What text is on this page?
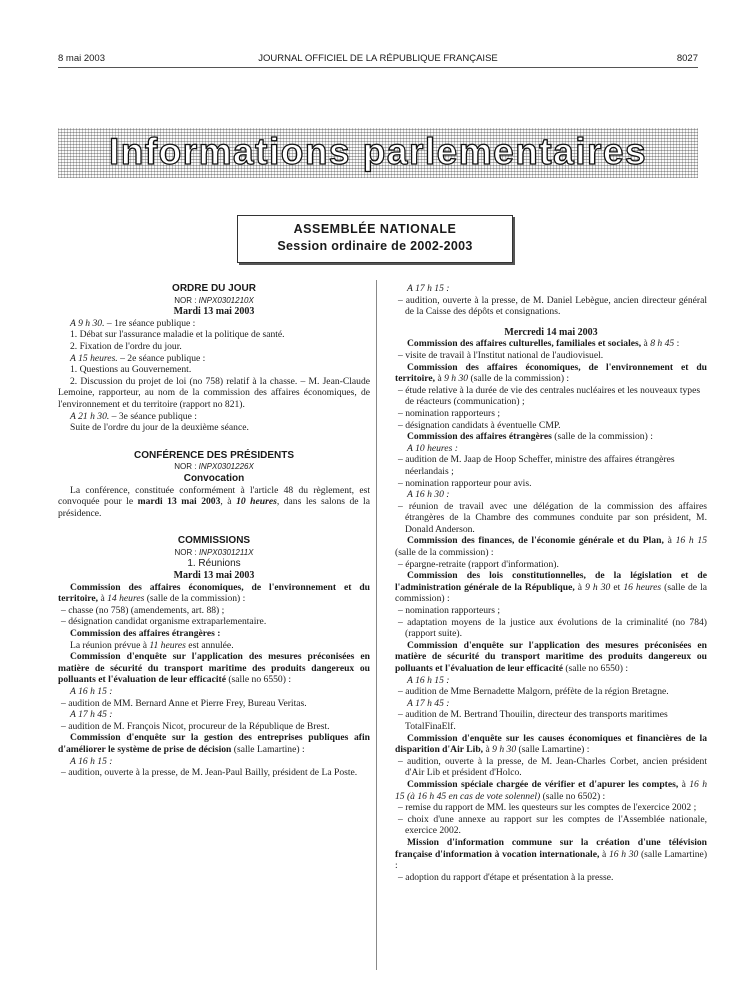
8 mai 2003	JOURNAL OFFICIEL DE LA RÉPUBLIQUE FRANÇAISE	8027
Informations parlementaires
ASSEMBLÉE NATIONALE
Session ordinaire de 2002-2003

ORDRE DU JOUR

NOR : INPX0301210X

Mardi 13 mai 2003

A 9 h 30. – 1re séance publique :

1. Débat sur l'assurance maladie et la politique de santé.

2. Fixation de l'ordre du jour.

A 15 heures. – 2e séance publique :

1. Questions au Gouvernement.

2. Discussion du projet de loi (no 758) relatif à la chasse. – M. Jean-Claude Lemoine, rapporteur, au nom de la commission des affaires économiques, de l'environnement et du territoire (rapport no 821).

A 21 h 30. – 3e séance publique :

Suite de l'ordre du jour de la deuxième séance.

CONFÉRENCE DES PRÉSIDENTS

NOR : INPX0301226X

Convocation

La conférence, constituée conformément à l'article 48 du règlement, est convoquée pour le mardi 13 mai 2003, à 10 heures, dans les salons de la présidence.

COMMISSIONS

NOR : INPX0301211X

1. Réunions

Mardi 13 mai 2003

Commission des affaires économiques, de l'environnement et du territoire, à 14 heures (salle de la commission) :

– chasse (no 758) (amendements, art. 88) ;

– désignation candidat organisme extraparlementaire.

Commission des affaires étrangères :

La réunion prévue à 11 heures est annulée.

Commission d'enquête sur l'application des mesures préconisées en matière de sécurité du transport maritime des produits dangereux ou polluants et l'évaluation de leur efficacité (salle no 6550) :

A 16 h 15 :

– audition de MM. Bernard Anne et Pierre Frey, Bureau Veritas.

A 17 h 45 :

– audition de M. François Nicot, procureur de la République de Brest.

Commission d'enquête sur la gestion des entreprises publiques afin d'améliorer le système de prise de décision (salle Lamartine) :

A 16 h 15 :

– audition, ouverte à la presse, de M. Jean-Paul Bailly, président de La Poste.

A 17 h 15 :

– audition, ouverte à la presse, de M. Daniel Lebègue, ancien directeur général de la Caisse des dépôts et consignations.

Mercredi 14 mai 2003

Commission des affaires culturelles, familiales et sociales, à 8 h 45 :

– visite de travail à l'Institut national de l'audiovisuel.

Commission des affaires économiques, de l'environnement et du territoire, à 9 h 30 (salle de la commission) :

– étude relative à la durée de vie des centrales nucléaires et les nouveaux types de réacteurs (communication) ;

– nomination rapporteurs ;

– désignation candidats à éventuelle CMP.

Commission des affaires étrangères (salle de la commission) :

A 10 heures :

– audition de M. Jaap de Hoop Scheffer, ministre des affaires étrangères néerlandais ;

– nomination rapporteur pour avis.

A 16 h 30 :

– réunion de travail avec une délégation de la commission des affaires étrangères de la Chambre des communes conduite par son président, M. Donald Anderson.

Commission des finances, de l'économie générale et du Plan, à 16 h 15 (salle de la commission) :

– épargne-retraite (rapport d'information).

Commission des lois constitutionnelles, de la législation et de l'administration générale de la République, à 9 h 30 et 16 heures (salle de la commission) :

– nomination rapporteurs ;

– adaptation moyens de la justice aux évolutions de la criminalité (no 784) (rapport suite).

Commission d'enquête sur l'application des mesures préconisées en matière de sécurité du transport maritime des produits dangereux ou polluants et l'évaluation de leur efficacité (salle no 6550) :

A 16 h 15 :

– audition de Mme Bernadette Malgorn, préfète de la région Bretagne.

A 17 h 45 :

– audition de M. Bertrand Thouilin, directeur des transports maritimes TotalFinaElf.

Commission d'enquête sur les causes économiques et financières de la disparition d'Air Lib, à 9 h 30 (salle Lamartine) :

– audition, ouverte à la presse, de M. Jean-Charles Corbet, ancien président d'Air Lib et président d'Holco.

Commission spéciale chargée de vérifier et d'apurer les comptes, à 16 h 15 (à 16 h 45 en cas de vote solennel) (salle no 6502) :

– remise du rapport de MM. les questeurs sur les comptes de l'exercice 2002 ;

– choix d'une annexe au rapport sur les comptes de l'Assemblée nationale, exercice 2002.

Mission d'information commune sur la création d'une télévision française d'information à vocation internationale, à 16 h 30 (salle Lamartine) :

– adoption du rapport d'étape et présentation à la presse.
